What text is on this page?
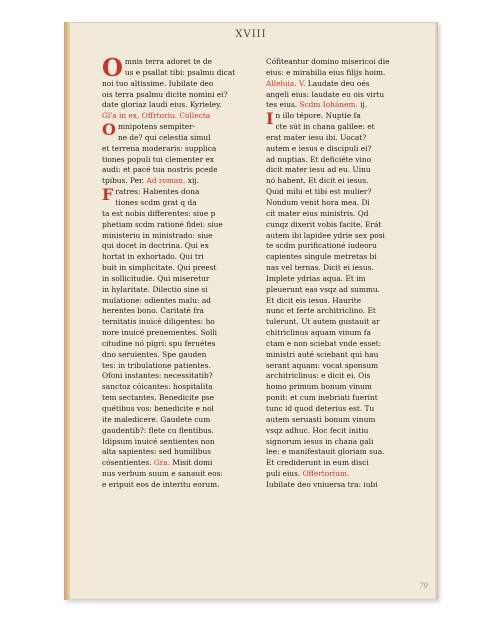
XVIII
Omnis terra adoret te de
us e psallat tibi: psalmu dicat
noi tuo altissime. Iubilate deo
ois terra psalmu dicite nomini ei?
date gloriaz laudi eius. Kyrieley.
Gl'a in ex. Offrtoriu. Collecta
Omnipotens sempiter-
ne de? qui celestia simul
et terrena moderaris: supplica
tiones populi tui clementer ex
audi: et pacé tua nostris pcede
tpibus. Per. Ad roman. xij.
Fratres: Habentes dona
tiones scdm grat q da
ta est nobis differentes: siue p
phetiam scdm rationé fidei: siue
ministeriu in ministrado: siue
qui docet in doctrina. Qui ex
hortat in exhortado. Qui tri
buit in simplicitate. Qui preest
in sollicitudie. Qui miseretur
in hylaritate. Dilectio sine si
mulatione: odientes malu: ad
herentes bono. Caritaté fra
ternitatis inuicé diligentes: ho
nore inuicé preuenientes. Solli
citudine nó pigri: spu feruétes
dno seruientes. Spe gauden
tes: in tribulatione patientes.
Ofoni instantes: necessitatib?
sanctoz cóicantes: hospitalita
tem sectantes. Benedicite pse
quétibus vos: benedicite e nol
ite maledicere. Gaudete cum
gaudentib?: flete cu flentibus.
Idipsum inuicé sentientes non
alta sapientes: sed humilibus
cósentientes. Gra. Misit domi
nus verbum suum e sanauit eos:
e eripuit eos de interitu eorum.
Cófiteantur domino misericoi die
eius: e mirabilia eius filijs hoim.
Alleluia. V. Laudate deu oés
angeli eius: laudate eu ois virtu
tes eius. Scdm Iohánem. ij.
In illo tépore. Nuptie fa
cte sút in chana galilee: et
erat mater iesu ibi. Uocat?
autem e iesus e discipuli ei?
ad nuptias. Et deficiéte vino
dicit mater iesu ad eu. Uinu
nó habent. Et dicit ei iesus.
Quid mihi et tibi est mulier?
Nondum venit hora mea. Di
cit mater eius ministris. Qd
cunqz dixerit vobis facite. Erát
autem ibi lapidee ydrie sex posi
te scdm purificationé iudeoru
capientes singule metretas bi
nas vel ternas. Dicit ei iesus.
Implete ydrias aqua. Et im
pleuerunt eas vsqz ad summu.
Et dicit eis iesus. Haurite
nunc et ferte architriclino. Et
tulerunt. Ut autem gustauit ar
chitriclinus aquam vinum fa
ctam e non sciebat vnde esset:
ministri auté sciebant qui hau
serant aquam: vocat sponsum
architriclinus: e dicit ei. Ois
homo primum bonum vinum
ponit: et cum inebriati fuerint
tunc id quod deterius est. Tu
autem seruasti bonum vinum
vsqz adhuc. Hoc fecit initiu
signorum iesus in chana gali
lee: e manifestauit gloriam sua.
Et crediderunt in eum disci
puli eius. Offertorium.
Iubilate deo vniuersa tra: iubi
79
